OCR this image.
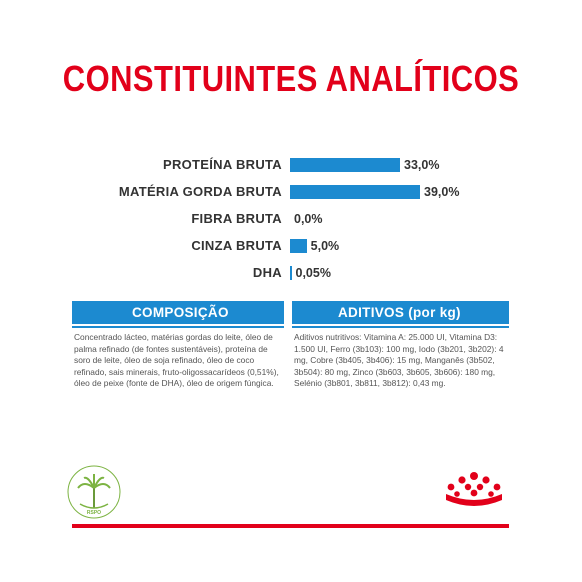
CONSTITUINTES ANALÍTICOS
PROTEÍNA BRUTA	33,0%
MATÉRIA GORDA BRUTA	39,0%
FIBRA BRUTA 0,0%
CINZA BRUTA 5,0%
DHA 0,05%
COMPOSIÇÃO
Concentrado lácteo, matérias gordas do leite, óleo de palma refinado (de fontes sustentáveis), proteína de soro de leite, óleo de soja refinado, óleo de coco refinado, sais minerais, fruto-oligossacarídeos (0,51%), óleo de peixe (fonte de DHA), óleo de origem fúngica.
ADITIVOS (por kg)
Aditivos nutritivos: Vitamina A: 25.000 UI, Vitamina D3: 1.500 UI, Ferro (3b103): 100 mg, Iodo (3b201, 3b202): 4 mg, Cobre (3b405, 3b406): 15 mg, Manganês (3b502, 3b504): 80 mg, Zinco (3b603, 3b605, 3b606): 180 mg, Selénio (3b801, 3b811, 3b812): 0,43 mg.
RSPO
